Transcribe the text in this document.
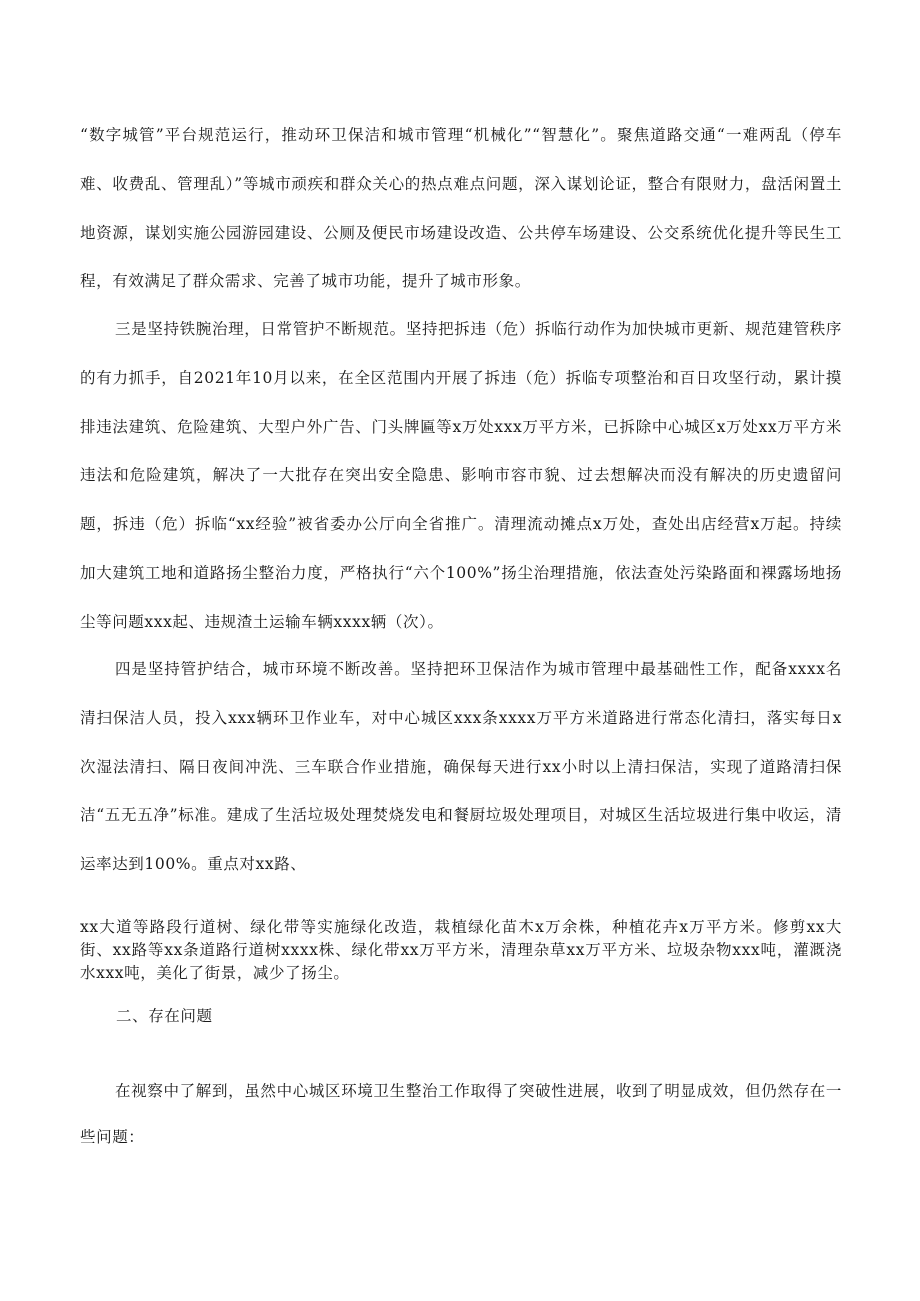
“数字城管”平台规范运行，推动环卫保洁和城市管理“机械化”“智慧化”。聚焦道路交通“一难两乱（停车难、收费乱、管理乱）”等城市顽疾和群众关心的热点难点问题，深入谋划论证，整合有限财力，盘活闲置土地资源，谋划实施公园游园建设、公厕及便民市场建设改造、公共停车场建设、公交系统优化提升等民生工程，有效满足了群众需求、完善了城市功能，提升了城市形象。

三是坚持铁腕治理，日常管护不断规范。坚持把拆违（危）拆临行动作为加快城市更新、规范建管秩序的有力抓手，自2021年10月以来，在全区范围内开展了拆违（危）拆临专项整治和百日攻坚行动，累计摸排违法建筑、危险建筑、大型户外广告、门头牌匾等x万处xxx万平方米，已拆除中心城区x万处xx万平方米违法和危险建筑，解决了一大批存在突出安全隐患、影响市容市貌、过去想解决而没有解决的历史遗留问题，拆违（危）拆临“xx经验”被省委办公厅向全省推广。清理流动摊点x万处，查处出店经营x万起。持续加大建筑工地和道路扬尘整治力度，严格执行“六个100%”扬尘治理措施，依法查处污染路面和裸露场地扬尘等问题xxx起、违规渣土运输车辆xxxx辆（次）。

四是坚持管护结合，城市环境不断改善。坚持把环卫保洁作为城市管理中最基础性工作，配备xxxx名清扫保洁人员，投入xxx辆环卫作业车，对中心城区xxx条xxxx万平方米道路进行常态化清扫，落实每日x次湿法清扫、隔日夜间冲洗、三车联合作业措施，确保每天进行xx小时以上清扫保洁，实现了道路清扫保洁“五无五净”标准。建成了生活垃圾处理焚烧发电和餐厨垃圾处理项目，对城区生活垃圾进行集中收运，清运率达到100%。重点对xx路、

xx大道等路段行道树、绿化带等实施绿化改造，栽植绿化苗木x万余株，种植花卉x万平方米。修剪xx大街、xx路等xx条道路行道树xxxx株、绿化带xx万平方米，清理杂草xx万平方米、垃圾杂物xxx吨，灌溉浇水xxx吨，美化了街景，减少了扬尘。

二、存在问题

在视察中了解到，虽然中心城区环境卫生整治工作取得了突破性进展，收到了明显成效，但仍然存在一些问题：
